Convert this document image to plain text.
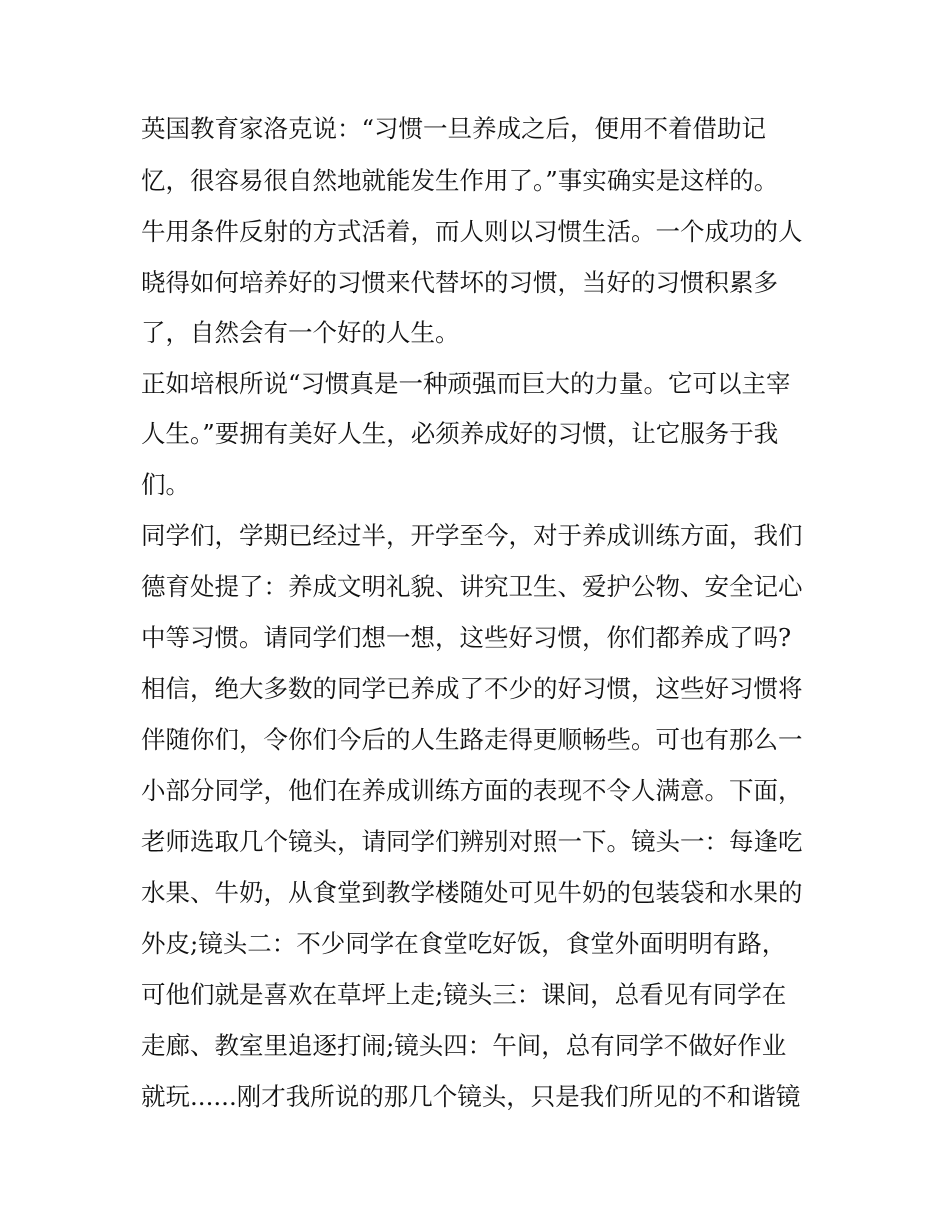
英国教育家洛克说：“习惯一旦养成之后，便用不着借助记
忆，很容易很自然地就能发生作用了。”事实确实是这样的。
牛用条件反射的方式活着，而人则以习惯生活。一个成功的人
晓得如何培养好的习惯来代替坏的习惯，当好的习惯积累多
了，自然会有一个好的人生。
正如培根所说“习惯真是一种顽强而巨大的力量。它可以主宰
人生。”要拥有美好人生，必须养成好的习惯，让它服务于我
们。
同学们，学期已经过半，开学至今，对于养成训练方面，我们
德育处提了：养成文明礼貌、讲究卫生、爱护公物、安全记心
中等习惯。请同学们想一想，这些好习惯，你们都养成了吗?
相信，绝大多数的同学已养成了不少的好习惯，这些好习惯将
伴随你们，令你们今后的人生路走得更顺畅些。可也有那么一
小部分同学，他们在养成训练方面的表现不令人满意。下面，
老师选取几个镜头，请同学们辨别对照一下。镜头一：每逢吃
水果、牛奶，从食堂到教学楼随处可见牛奶的包装袋和水果的
外皮;镜头二：不少同学在食堂吃好饭，食堂外面明明有路，
可他们就是喜欢在草坪上走;镜头三：课间，总看见有同学在
走廊、教室里追逐打闹;镜头四：午间，总有同学不做好作业
就玩......刚才我所说的那几个镜头，只是我们所见的不和谐镜
